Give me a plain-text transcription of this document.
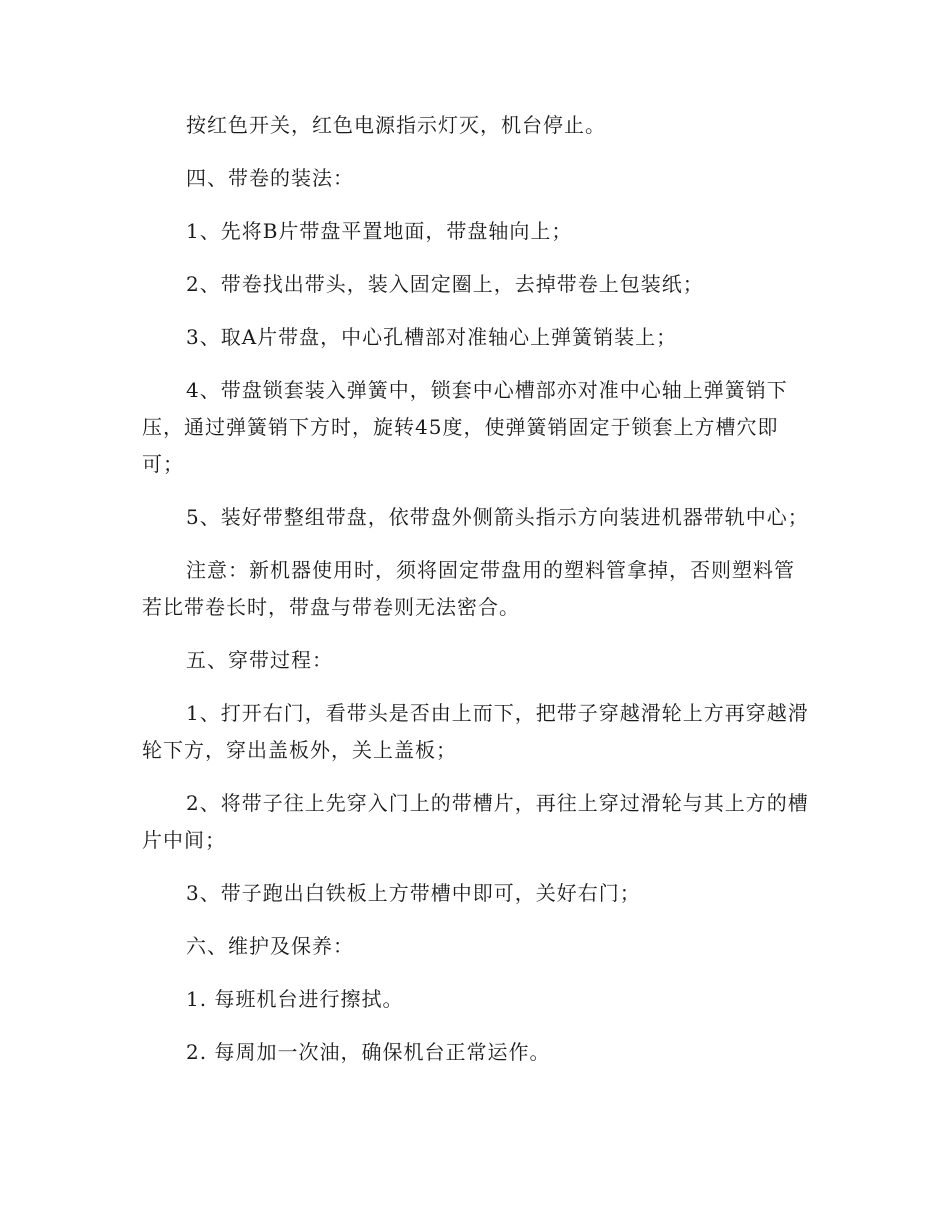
按红色开关，红色电源指示灯灭，机台停止。

四、带卷的装法：

1、先将B片带盘平置地面，带盘轴向上；

2、带卷找出带头，装入固定圈上，去掉带卷上包装纸；

3、取A片带盘，中心孔槽部对准轴心上弹簧销装上；

4、带盘锁套装入弹簧中，锁套中心槽部亦对准中心轴上弹簧销下压，通过弹簧销下方时，旋转45度，使弹簧销固定于锁套上方槽穴即可；

5、装好带整组带盘，依带盘外侧箭头指示方向装进机器带轨中心；

注意：新机器使用时，须将固定带盘用的塑料管拿掉，否则塑料管若比带卷长时，带盘与带卷则无法密合。

五、穿带过程：

1、打开右门，看带头是否由上而下，把带子穿越滑轮上方再穿越滑轮下方，穿出盖板外，关上盖板；

2、将带子往上先穿入门上的带槽片，再往上穿过滑轮与其上方的槽片中间；

3、带子跑出白铁板上方带槽中即可，关好右门；

六、维护及保养：

1. 每班机台进行擦拭。

2. 每周加一次油，确保机台正常运作。
